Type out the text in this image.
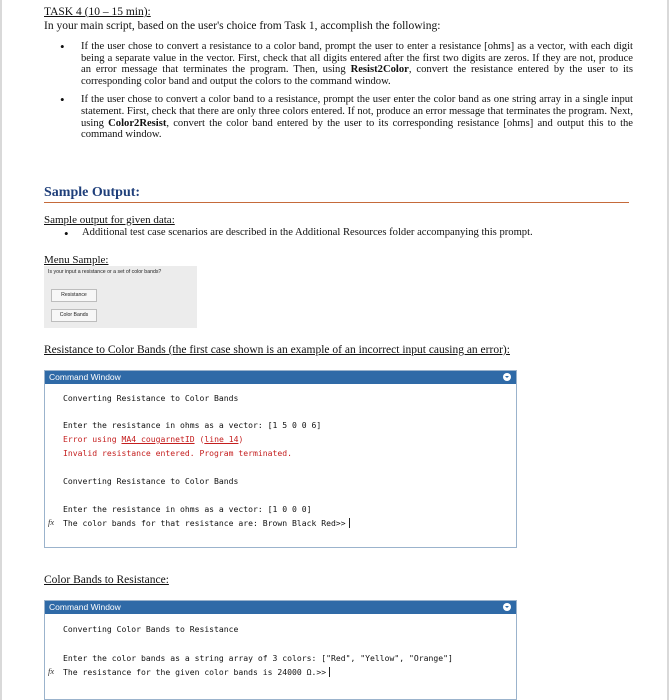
TASK 4 (10 – 15 min):
In your main script, based on the user's choice from Task 1, accomplish the following:
• If the user chose to convert a resistance to a color band, prompt the user to enter a resistance [ohms] as a vector, with each digit being a separate value in the vector. First, check that all digits entered after the first two digits are zeros. If they are not, produce an error message that terminates the program. Then, using Resist2Color, convert the resistance entered by the user to its corresponding color band and output the colors to the command window.
• If the user chose to convert a color band to a resistance, prompt the user enter the color band as one string array in a single input statement. First, check that there are only three colors entered. If not, produce an error message that terminates the program. Next, using Color2Resist, convert the color band entered by the user to its corresponding resistance [ohms] and output this to the command window.
Sample Output:
Sample output for given data:
• Additional test case scenarios are described in the Additional Resources folder accompanying this prompt.
Menu Sample:
Is your input a resistance or a set of color bands?
Resistance
Color Bands
Resistance to Color Bands (the first case shown is an example of an incorrect input causing an error):
Command Window
Converting Resistance to Color Bands
Enter the resistance in ohms as a vector: [1 5 0 0 6]
Error using MA4_cougarnetID (line 14)
Invalid resistance entered. Program terminated.
Converting Resistance to Color Bands
Enter the resistance in ohms as a vector: [1 0 0 0]
fx The color bands for that resistance are: Brown Black Red>>
Color Bands to Resistance:
Command Window
Converting Color Bands to Resistance
Enter the color bands as a string array of 3 colors: ["Red", "Yellow", "Orange"]
fx The resistance for the given color bands is 24000 Ω.>>
